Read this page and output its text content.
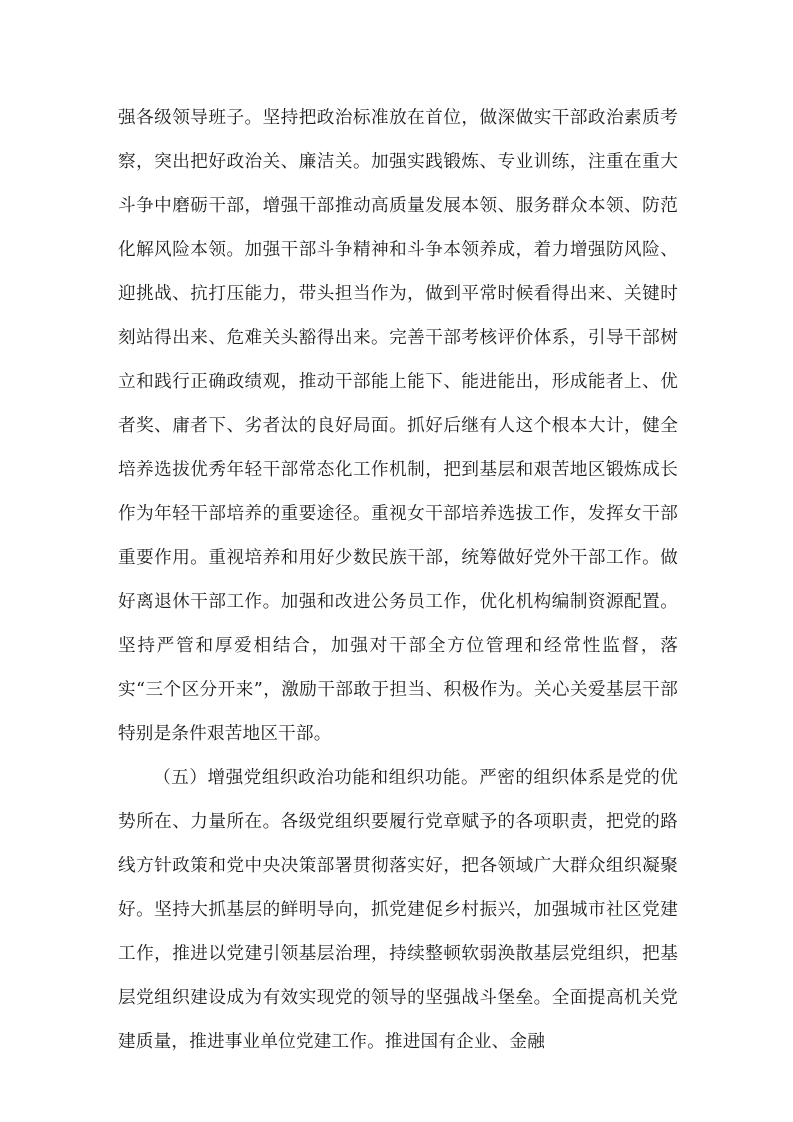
强各级领导班子。坚持把政治标准放在首位，做深做实干部政治素质考察，突出把好政治关、廉洁关。加强实践锻炼、专业训练，注重在重大斗争中磨砺干部，增强干部推动高质量发展本领、服务群众本领、防范化解风险本领。加强干部斗争精神和斗争本领养成，着力增强防风险、迎挑战、抗打压能力，带头担当作为，做到平常时候看得出来、关键时刻站得出来、危难关头豁得出来。完善干部考核评价体系，引导干部树立和践行正确政绩观，推动干部能上能下、能进能出，形成能者上、优者奖、庸者下、劣者汰的良好局面。抓好后继有人这个根本大计，健全培养选拔优秀年轻干部常态化工作机制，把到基层和艰苦地区锻炼成长作为年轻干部培养的重要途径。重视女干部培养选拔工作，发挥女干部重要作用。重视培养和用好少数民族干部，统筹做好党外干部工作。做好离退休干部工作。加强和改进公务员工作，优化机构编制资源配置。坚持严管和厚爱相结合，加强对干部全方位管理和经常性监督，落实“三个区分开来”，激励干部敢于担当、积极作为。关心关爱基层干部特别是条件艰苦地区干部。

（五）增强党组织政治功能和组织功能。严密的组织体系是党的优势所在、力量所在。各级党组织要履行党章赋予的各项职责，把党的路线方针政策和党中央决策部署贯彻落实好，把各领域广大群众组织凝聚好。坚持大抓基层的鲜明导向，抓党建促乡村振兴，加强城市社区党建工作，推进以党建引领基层治理，持续整顿软弱涣散基层党组织，把基层党组织建设成为有效实现党的领导的坚强战斗堡垒。全面提高机关党建质量，推进事业单位党建工作。推进国有企业、金融
